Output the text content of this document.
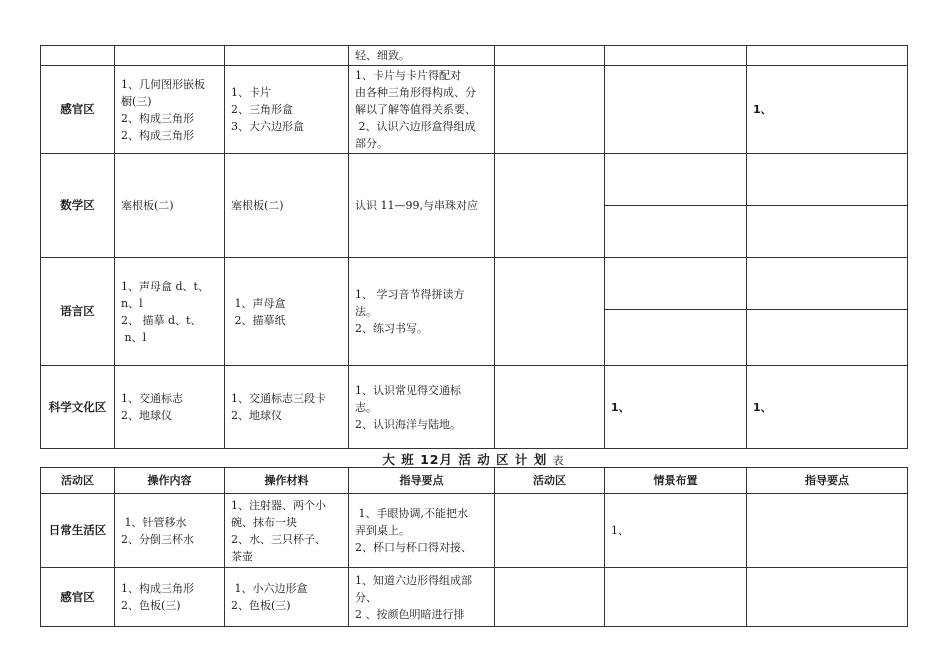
			轻、细致。			
感官区	1、几何图形嵌板
橱(三)
2、构成三角形
2、构成三角形	1、卡片
2、三角形盒
3、大六边形盒	1、卡片与卡片得配对
由各种三角形得构成、分
解以了解等值得关系要、
2、认识六边形盒得组成
部分。			1、
数学区	塞根板(二)	塞根板(二)	认识 11—99,与串珠对应			

语言区	1、声母盒 d、t、
n、l
2、 描摹 d、t、
n、l	1、声母盒
2、描摹纸	1、 学习音节得拼读方
法。
2、练习书写。			

科学文化区	1、交通标志
2、地球仪	1、交通标志三段卡
2、地球仪	1、认识常见得交通标
志。
2、认识海洋与陆地。		1、	1、
大 班 12月 活 动 区 计 划 表
活动区	操作内容	操作材料	指导要点	活动区	情景布置	指导要点
日常生活区	1、针管移水
2、分倒三杯水	1、注射器、两个小
碗、抹布一块
2、水、三只杯子、
茶壶	1、手眼协调,不能把水
弄到桌上。
2、杯口与杯口得对接、		1、	
感官区	1、构成三角形
2、色板(三)	1、小六边形盒
2、色板(三)	1、知道六边形得组成部
分、
2 、按颜色明暗进行排			
